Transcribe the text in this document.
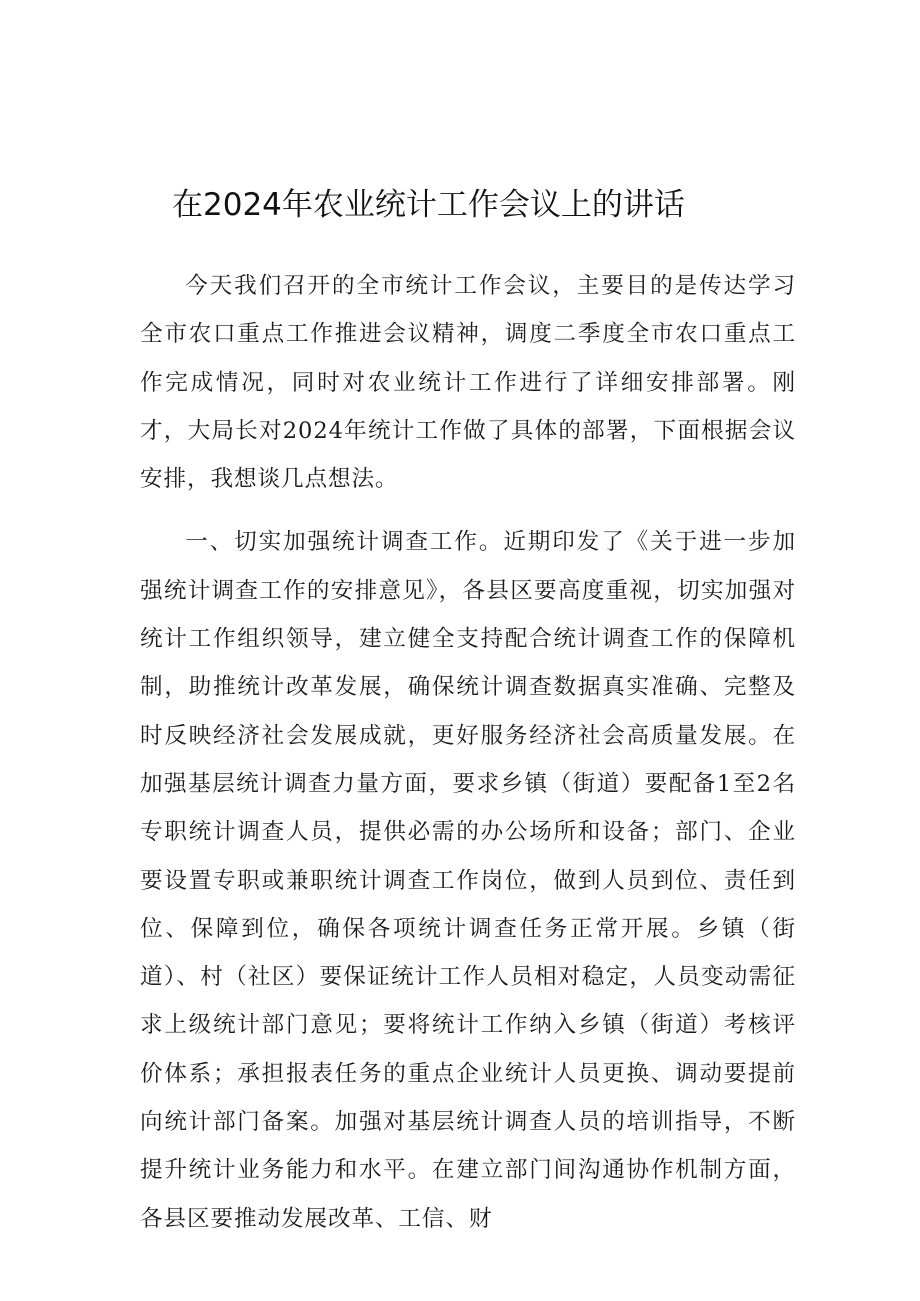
在2024年农业统计工作会议上的讲话

今天我们召开的全市统计工作会议，主要目的是传达学习全市农口重点工作推进会议精神，调度二季度全市农口重点工作完成情况，同时对农业统计工作进行了详细安排部署。刚才，大局长对2024年统计工作做了具体的部署，下面根据会议安排，我想谈几点想法。

一、切实加强统计调查工作。近期印发了《关于进一步加强统计调查工作的安排意见》，各县区要高度重视，切实加强对统计工作组织领导，建立健全支持配合统计调查工作的保障机制，助推统计改革发展，确保统计调查数据真实准确、完整及时反映经济社会发展成就，更好服务经济社会高质量发展。在加强基层统计调查力量方面，要求乡镇（街道）要配备1至2名专职统计调查人员，提供必需的办公场所和设备；部门、企业要设置专职或兼职统计调查工作岗位，做到人员到位、责任到位、保障到位，确保各项统计调查任务正常开展。乡镇（街道）、村（社区）要保证统计工作人员相对稳定，人员变动需征求上级统计部门意见；要将统计工作纳入乡镇（街道）考核评价体系；承担报表任务的重点企业统计人员更换、调动要提前向统计部门备案。加强对基层统计调查人员的培训指导，不断提升统计业务能力和水平。在建立部门间沟通协作机制方面，各县区要推动发展改革、工信、财
